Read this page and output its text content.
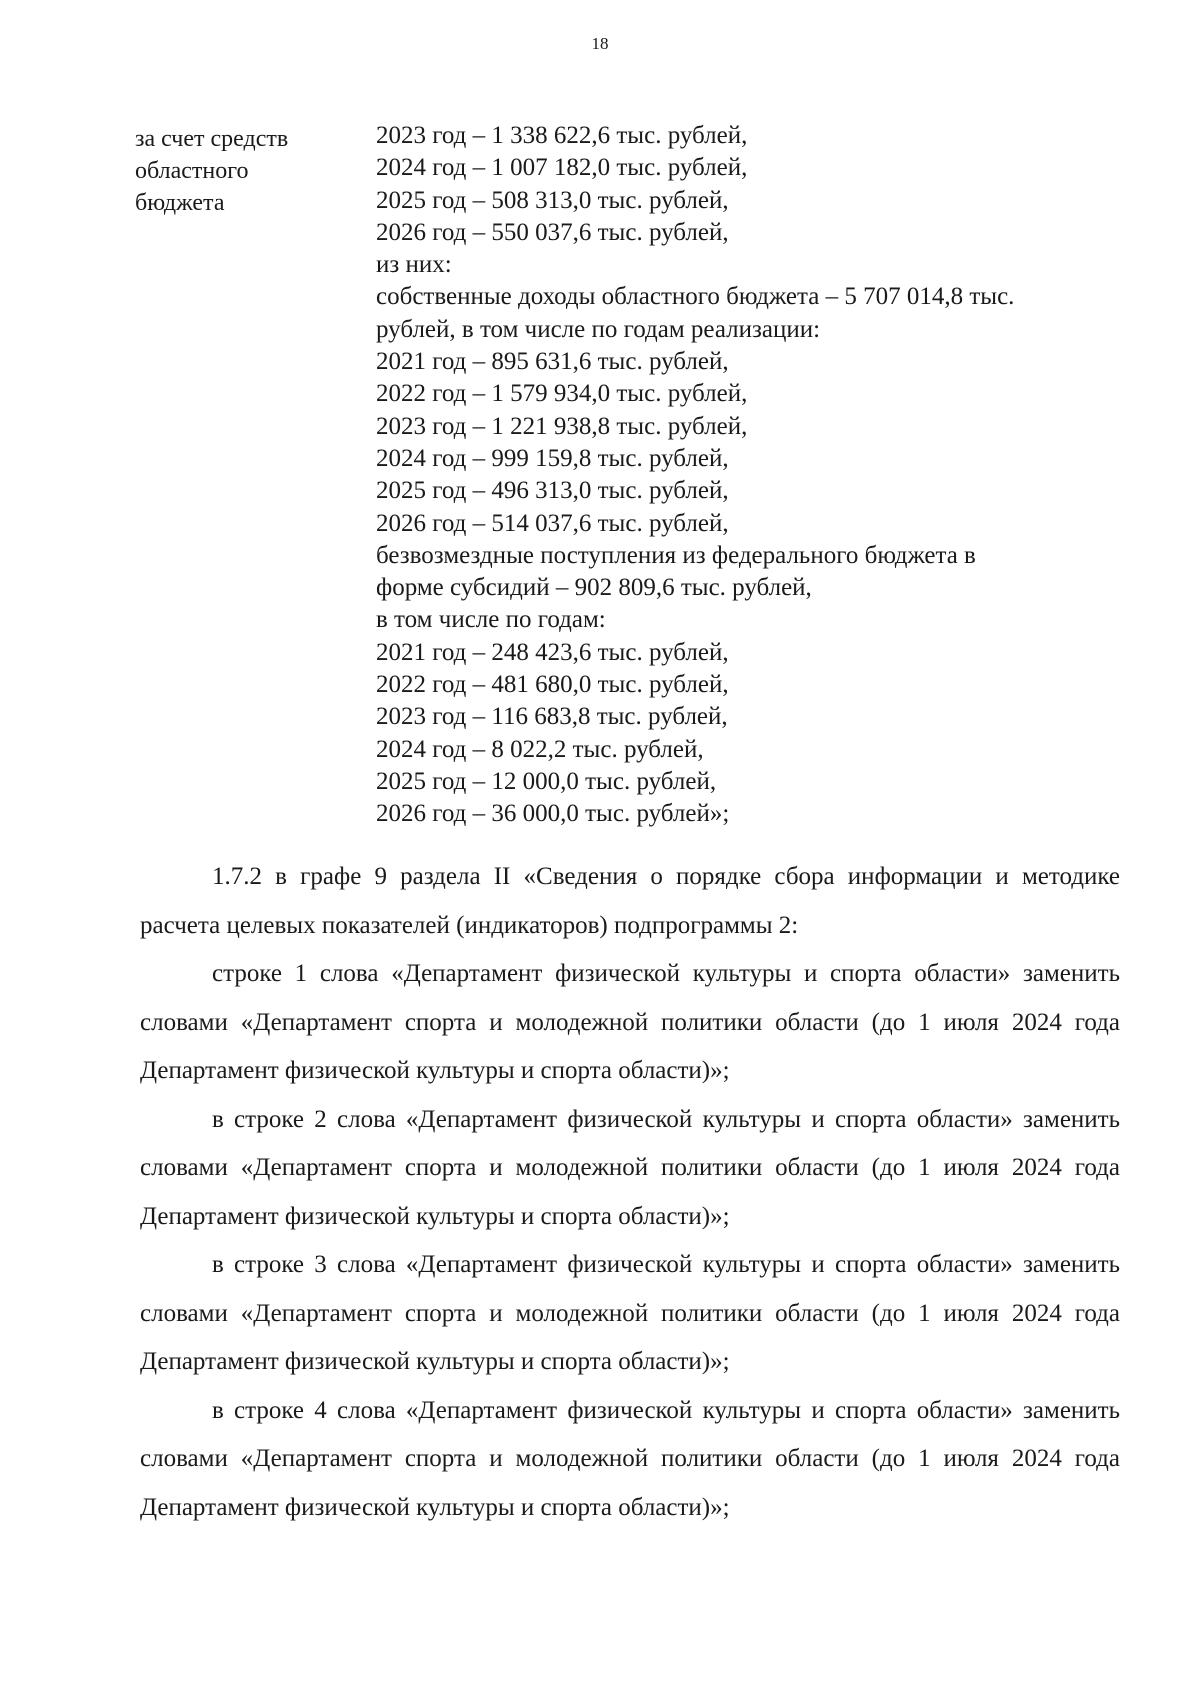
18
за счет средств
областного
бюджета
2023 год – 1 338 622,6 тыс. рублей,
2024 год – 1 007 182,0 тыс. рублей,
2025 год – 508 313,0 тыс. рублей,
2026 год – 550 037,6 тыс. рублей,
из них:
собственные доходы областного бюджета – 5 707 014,8 тыс.
рублей, в том числе по годам реализации:
2021 год – 895 631,6 тыс. рублей,
2022 год – 1 579 934,0 тыс. рублей,
2023 год – 1 221 938,8 тыс. рублей,
2024 год – 999 159,8 тыс. рублей,
2025 год – 496 313,0 тыс. рублей,
2026 год – 514 037,6 тыс. рублей,
безвозмездные поступления из федерального бюджета в
форме субсидий – 902 809,6 тыс. рублей,
в том числе по годам:
2021 год – 248 423,6 тыс. рублей,
2022 год – 481 680,0 тыс. рублей,
2023 год – 116 683,8 тыс. рублей,
2024 год – 8 022,2 тыс. рублей,
2025 год – 12 000,0 тыс. рублей,
2026 год – 36 000,0 тыс. рублей»;

1.7.2 в графе 9 раздела II «Сведения о порядке сбора информации и методике расчета целевых показателей (индикаторов) подпрограммы 2:

строке 1 слова «Департамент физической культуры и спорта области» заменить словами «Департамент спорта и молодежной политики области (до 1 июля 2024 года Департамент физической культуры и спорта области)»;

в строке 2 слова «Департамент физической культуры и спорта области» заменить словами «Департамент спорта и молодежной политики области (до 1 июля 2024 года Департамент физической культуры и спорта области)»;

в строке 3 слова «Департамент физической культуры и спорта области» заменить словами «Департамент спорта и молодежной политики области (до 1 июля 2024 года Департамент физической культуры и спорта области)»;

в строке 4 слова «Департамент физической культуры и спорта области» заменить словами «Департамент спорта и молодежной политики области (до 1 июля 2024 года Департамент физической культуры и спорта области)»;
